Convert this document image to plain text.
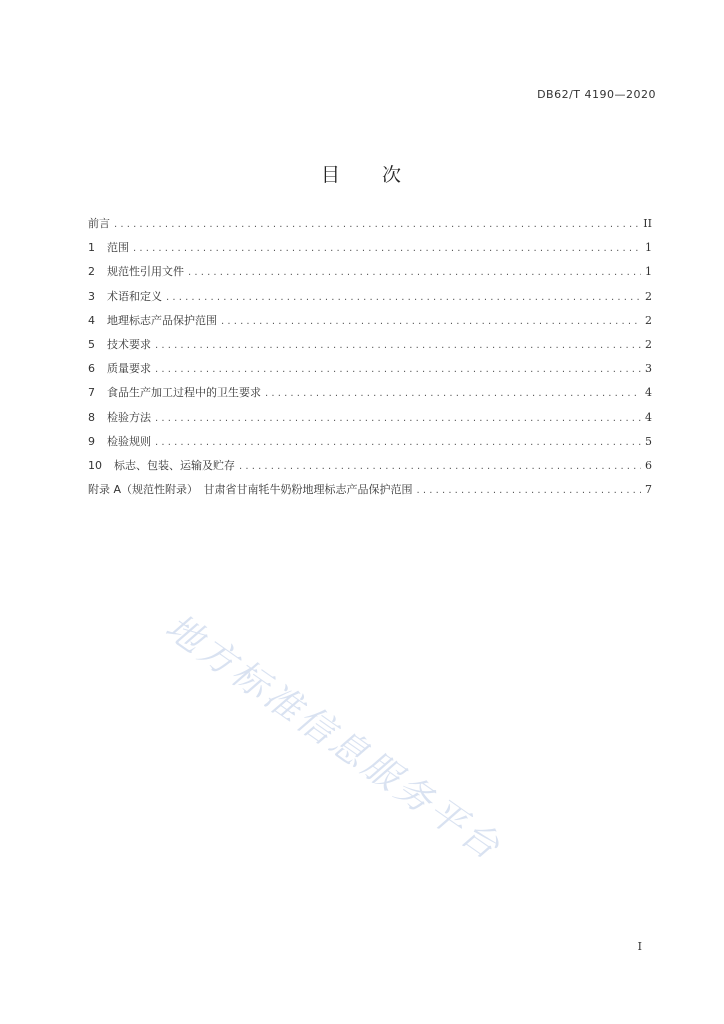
DB62/T 4190—2020
目 次
前言 . . .	II
1	范围 . . .	1
2	规范性引用文件 . . .	1
3	术语和定义 . . .	2
4	地理标志产品保护范围 . . .	2
5	技术要求 . . .	2
6	质量要求 . . .	3
7	食品生产加工过程中的卫生要求 . . .	4
8	检验方法 . . .	4
9	检验规则 . . .	5
10	标志、包装、运输及贮存 . . .	6
附录 A（规范性附录）　甘肃省甘南牦牛奶粉地理标志产品保护范围 . . .	7
地方标准信息服务平台
I
